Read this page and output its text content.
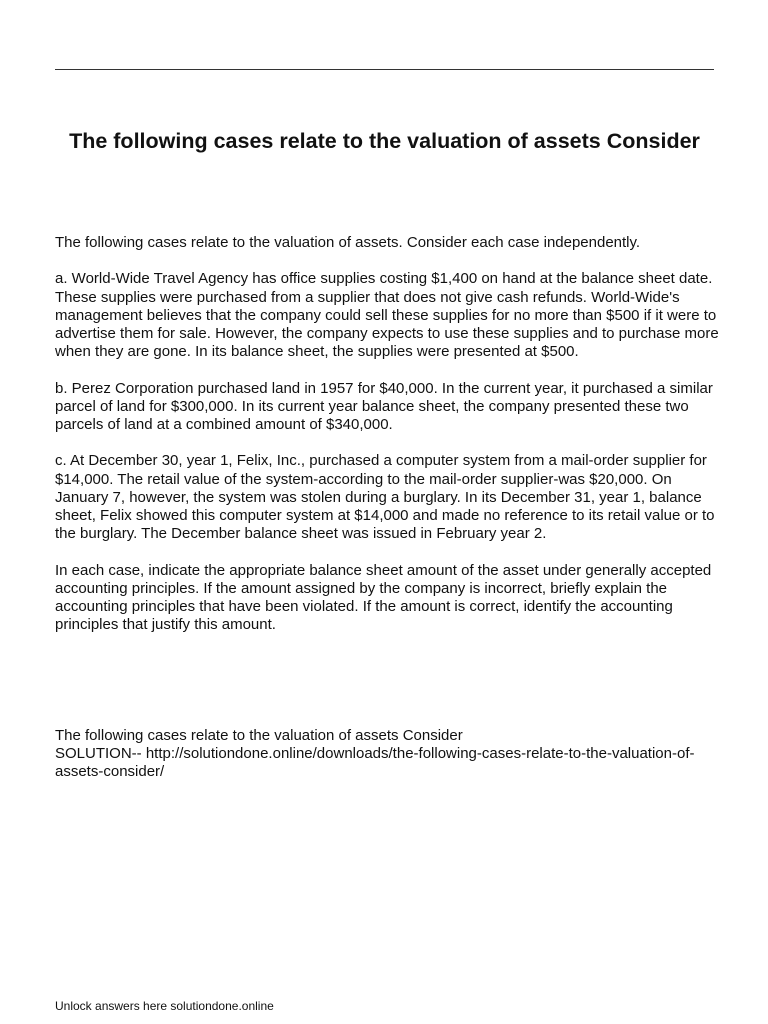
The following cases relate to the valuation of assets Consider

The following cases relate to the valuation of assets. Consider each case independently.

a. World-Wide Travel Agency has office supplies costing $1,400 on hand at the balance sheet date. These supplies were purchased from a supplier that does not give cash refunds. World-Wide's management believes that the company could sell these supplies for no more than $500 if it were to advertise them for sale. However, the company expects to use these supplies and to purchase more when they are gone. In its balance sheet, the supplies were presented at $500.

b. Perez Corporation purchased land in 1957 for $40,000. In the current year, it purchased a similar parcel of land for $300,000. In its current year balance sheet, the company presented these two parcels of land at a combined amount of $340,000.

c. At December 30, year 1, Felix, Inc., purchased a computer system from a mail-order supplier for $14,000. The retail value of the system-according to the mail-order supplier-was $20,000. On January 7, however, the system was stolen during a burglary. In its December 31, year 1, balance sheet, Felix showed this computer system at $14,000 and made no reference to its retail value or to the burglary. The December balance sheet was issued in February year 2.

In each case, indicate the appropriate balance sheet amount of the asset under generally accepted accounting principles. If the amount assigned by the company is incorrect, briefly explain the accounting principles that have been violated. If the amount is correct, identify the accounting principles that justify this amount.

The following cases relate to the valuation of assets Consider
SOLUTION-- http://solutiondone.online/downloads/the-following-cases-relate-to-the-valuation-of-assets-consider/
Unlock answers here solutiondone.online
